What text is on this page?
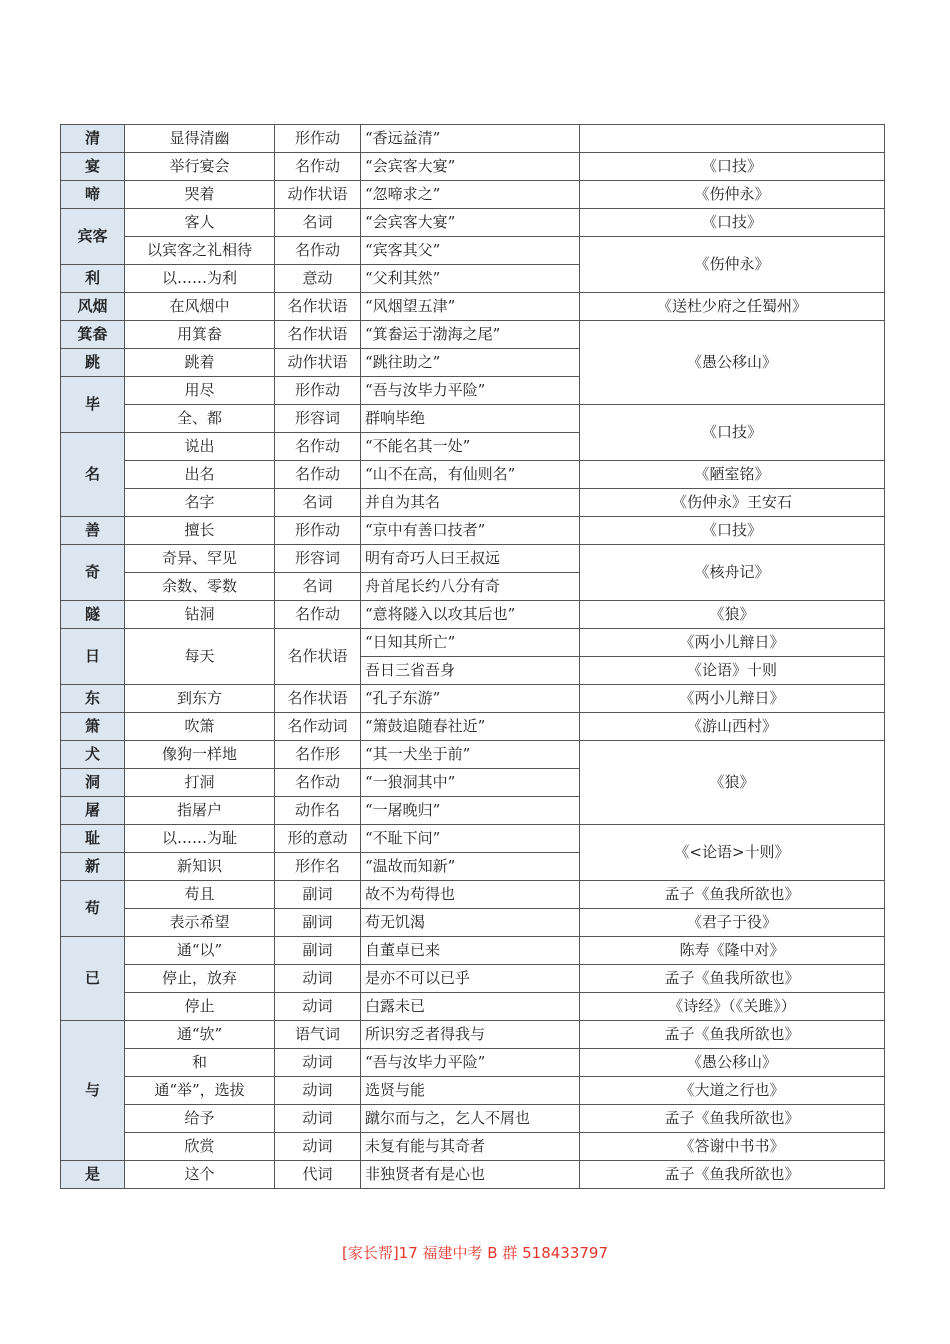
清	显得清幽	形作动	“香远益清”	
宴	举行宴会	名作动	“会宾客大宴”	《口技》
啼	哭着	动作状语	“忽啼求之”	《伤仲永》
宾客	客人	名词	“会宾客大宴”	《口技》
	以宾客之礼相待	名作动	“宾客其父”	《伤仲永》
利	以……为利	意动	“父利其然”	
风烟	在风烟中	名作状语	“风烟望五津”	《送杜少府之任蜀州》
箕畚	用箕畚	名作状语	“箕畚运于渤海之尾”	《愚公移山》
跳	跳着	动作状语	“跳往助之”	
毕	用尽	形作动	“吾与汝毕力平险”	
	全、都	形容词	群响毕绝	《口技》
名	说出	名作动	“不能名其一处”	
	出名	名作动	“山不在高，有仙则名”	《陋室铭》
	名字	名词	并自为其名	《伤仲永》王安石
善	擅长	形作动	“京中有善口技者”	《口技》
奇	奇异、罕见	形容词	明有奇巧人曰王叔远	《核舟记》
	余数、零数	名词	舟首尾长约八分有奇	
隧	钻洞	名作动	“意将隧入以攻其后也”	《狼》
日	每天	名作状语	“日知其所亡”	《两小儿辩日》
			吾日三省吾身	《论语》十则
东	到东方	名作状语	“孔子东游”	《两小儿辩日》
箫	吹箫	名作动词	“箫鼓追随春社近”	《游山西村》
犬	像狗一样地	名作形	“其一犬坐于前”	《狼》
洞	打洞	名作动	“一狼洞其中”	
屠	指屠户	动作名	“一屠晚归”	
耻	以……为耻	形的意动	“不耻下问”	《<论语>十则》
新	新知识	形作名	“温故而知新”	
苟	苟且	副词	故不为苟得也	孟子《鱼我所欲也》
	表示希望	副词	苟无饥渴	《君子于役》
已	通“以”	副词	自董卓已来	陈寿《隆中对》
	停止，放弃	动词	是亦不可以已乎	孟子《鱼我所欲也》
	停止	动词	白露未已	《诗经》（《关雎》）
与	通“欤”	语气词	所识穷乏者得我与	孟子《鱼我所欲也》
	和	动词	“吾与汝毕力平险”	《愚公移山》
	通“举”，选拔	动词	选贤与能	《大道之行也》
	给予	动词	蹴尔而与之，乞人不屑也	孟子《鱼我所欲也》
	欣赏	动词	未复有能与其奇者	《答谢中书书》
是	这个	代词	非独贤者有是心也	孟子《鱼我所欲也》
[家长帮]17 福建中考 B 群 518433797
